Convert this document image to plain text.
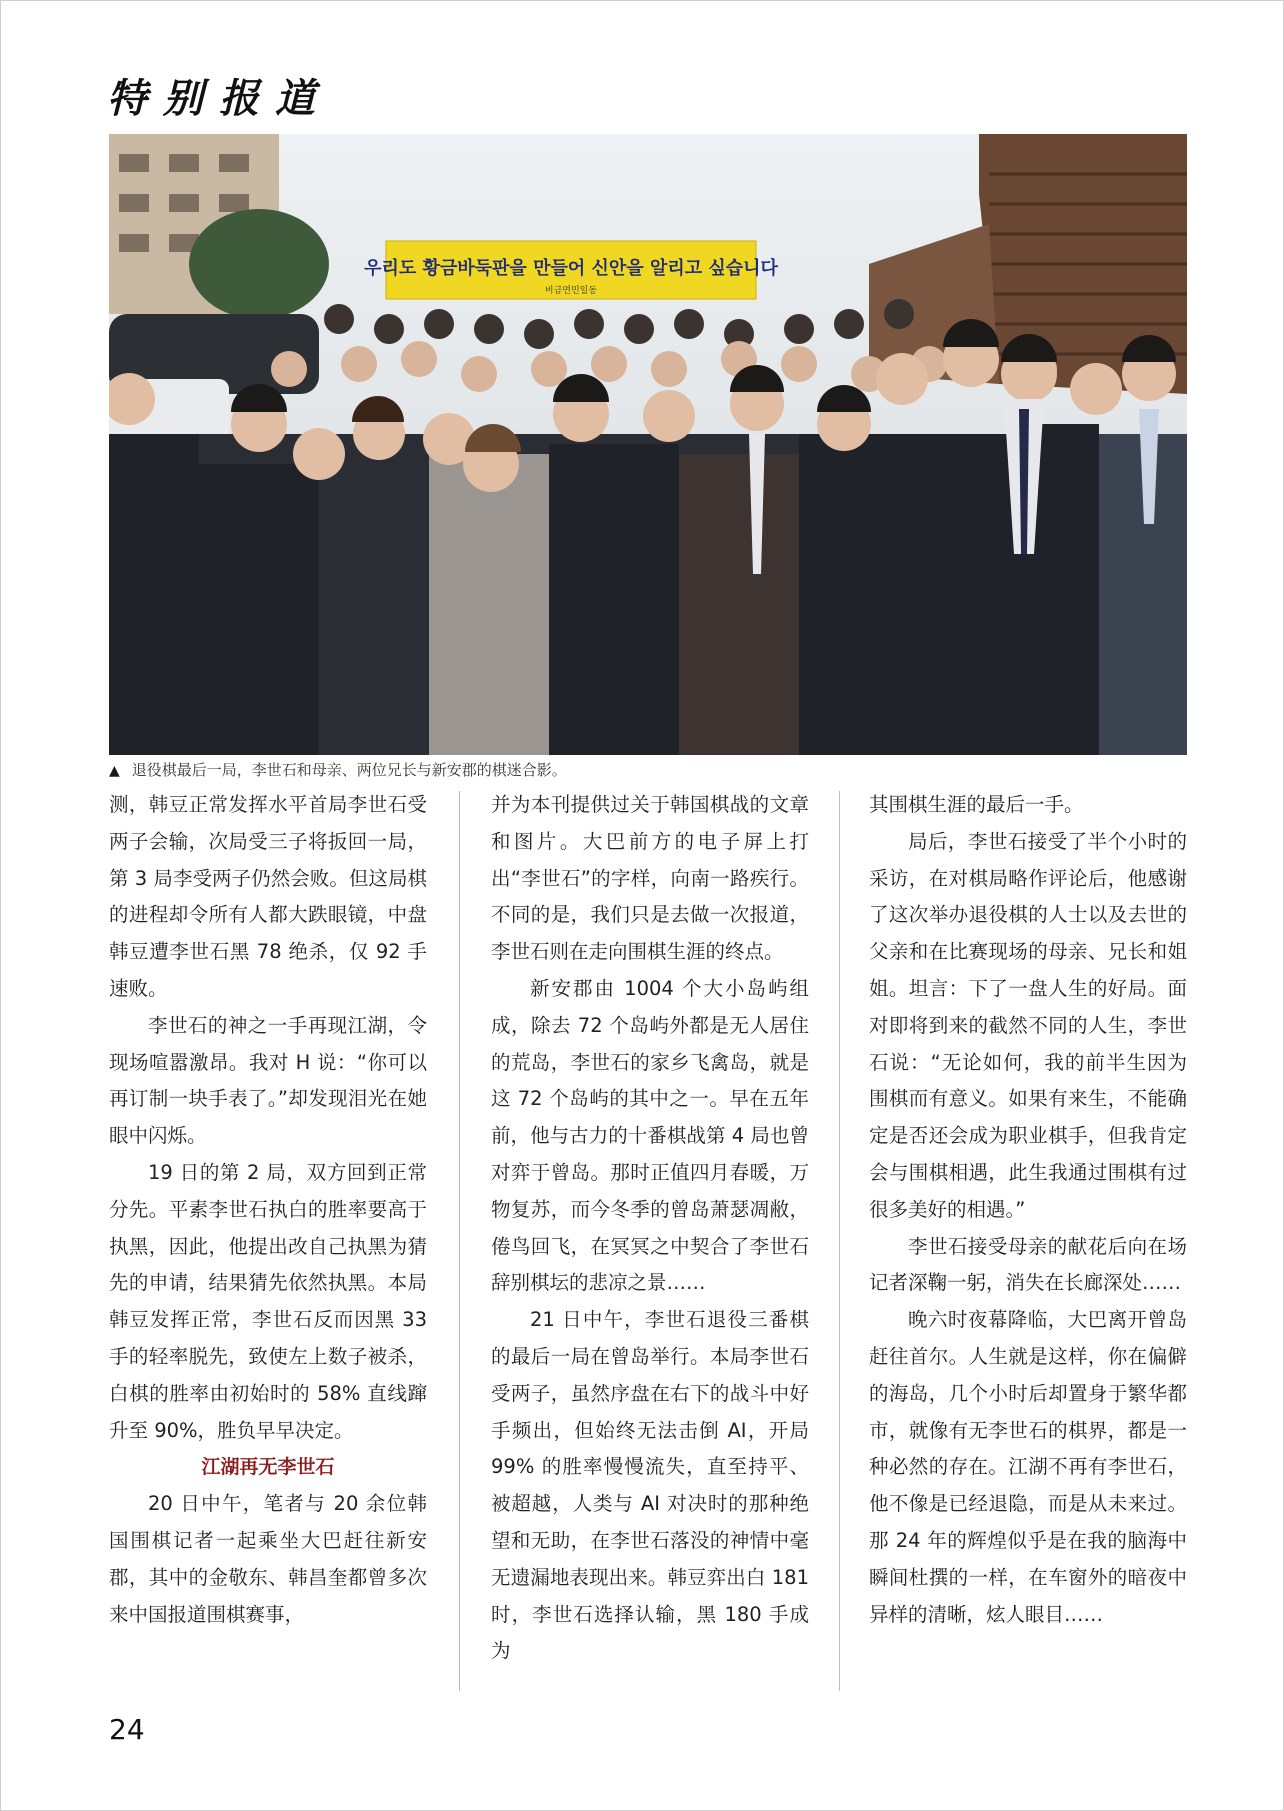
特别报道
우리도 황금바둑판을 만들어 신안을 알리고 싶습니다
비금면민일동
▲ 退役棋最后一局，李世石和母亲、两位兄长与新安郡的棋迷合影。

测，韩豆正常发挥水平首局李世石受两子会输，次局受三子将扳回一局，第 3 局李受两子仍然会败。但这局棋的进程却令所有人都大跌眼镜，中盘韩豆遭李世石黑 78 绝杀，仅 92 手速败。

李世石的神之一手再现江湖，令现场喧嚣激昂。我对 H 说：“你可以再订制一块手表了。”却发现泪光在她眼中闪烁。

19 日的第 2 局，双方回到正常分先。平素李世石执白的胜率要高于执黑，因此，他提出改自己执黑为猜先的申请，结果猜先依然执黑。本局韩豆发挥正常，李世石反而因黑 33 手的轻率脱先，致使左上数子被杀，白棋的胜率由初始时的 58% 直线蹿升至 90%，胜负早早决定。

江湖再无李世石

20 日中午，笔者与 20 余位韩国围棋记者一起乘坐大巴赶往新安郡，其中的金敬东、韩昌奎都曾多次来中国报道围棋赛事，

并为本刊提供过关于韩国棋战的文章和图片。大巴前方的电子屏上打出“李世石”的字样，向南一路疾行。不同的是，我们只是去做一次报道，李世石则在走向围棋生涯的终点。

新安郡由 1004 个大小岛屿组成，除去 72 个岛屿外都是无人居住的荒岛，李世石的家乡飞禽岛，就是这 72 个岛屿的其中之一。早在五年前，他与古力的十番棋战第 4 局也曾对弈于曾岛。那时正值四月春暖，万物复苏，而今冬季的曾岛萧瑟凋敝，倦鸟回飞，在冥冥之中契合了李世石辞别棋坛的悲凉之景……

21 日中午，李世石退役三番棋的最后一局在曾岛举行。本局李世石受两子，虽然序盘在右下的战斗中好手频出，但始终无法击倒 AI，开局 99% 的胜率慢慢流失，直至持平、被超越，人类与 AI 对决时的那种绝望和无助，在李世石落没的神情中毫无遗漏地表现出来。韩豆弈出白 181 时，李世石选择认输，黑 180 手成为

其围棋生涯的最后一手。

局后，李世石接受了半个小时的采访，在对棋局略作评论后，他感谢了这次举办退役棋的人士以及去世的父亲和在比赛现场的母亲、兄长和姐姐。坦言：下了一盘人生的好局。面对即将到来的截然不同的人生，李世石说：“无论如何，我的前半生因为围棋而有意义。如果有来生，不能确定是否还会成为职业棋手，但我肯定会与围棋相遇，此生我通过围棋有过很多美好的相遇。”

李世石接受母亲的献花后向在场记者深鞠一躬，消失在长廊深处……

晚六时夜幕降临，大巴离开曾岛赶往首尔。人生就是这样，你在偏僻的海岛，几个小时后却置身于繁华都市，就像有无李世石的棋界，都是一种必然的存在。江湖不再有李世石，他不像是已经退隐，而是从未来过。那 24 年的辉煌似乎是在我的脑海中瞬间杜撰的一样，在车窗外的暗夜中异样的清晰，炫人眼目……

24
